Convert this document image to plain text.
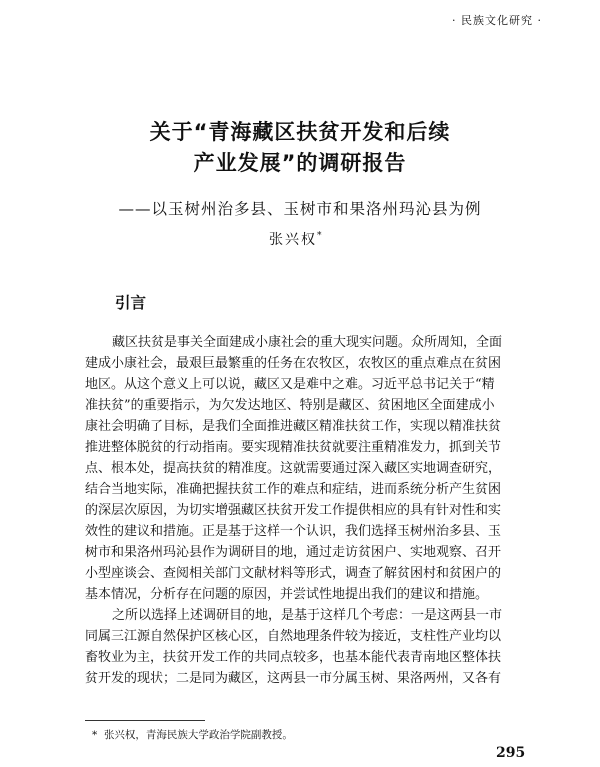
· 民族文化研究 ·
关于“青海藏区扶贫开发和后续
产业发展”的调研报告
——以玉树州治多县、玉树市和果洛州玛沁县为例
张兴权*
引言
藏区扶贫是事关全面建成小康社会的重大现实问题。众所周知，全面
建成小康社会，最艰巨最繁重的任务在农牧区，农牧区的重点难点在贫困
地区。从这个意义上可以说，藏区又是难中之难。习近平总书记关于“精
准扶贫”的重要指示，为欠发达地区、特别是藏区、贫困地区全面建成小
康社会明确了目标，是我们全面推进藏区精准扶贫工作，实现以精准扶贫
推进整体脱贫的行动指南。要实现精准扶贫就要注重精准发力，抓到关节
点、根本处，提高扶贫的精准度。这就需要通过深入藏区实地调查研究，
结合当地实际，准确把握扶贫工作的难点和症结，进而系统分析产生贫困
的深层次原因，为切实增强藏区扶贫开发工作提供相应的具有针对性和实
效性的建议和措施。正是基于这样一个认识，我们选择玉树州治多县、玉
树市和果洛州玛沁县作为调研目的地，通过走访贫困户、实地观察、召开
小型座谈会、查阅相关部门文献材料等形式，调查了解贫困村和贫困户的
基本情况，分析存在问题的原因，并尝试性地提出我们的建议和措施。
之所以选择上述调研目的地，是基于这样几个考虑：一是这两县一市
同属三江源自然保护区核心区，自然地理条件较为接近，支柱性产业均以
畜牧业为主，扶贫开发工作的共同点较多，也基本能代表青南地区整体扶
贫开发的现状；二是同为藏区，这两县一市分属玉树、果洛两州，又各有
* 张兴权，青海民族大学政治学院副教授。
295
